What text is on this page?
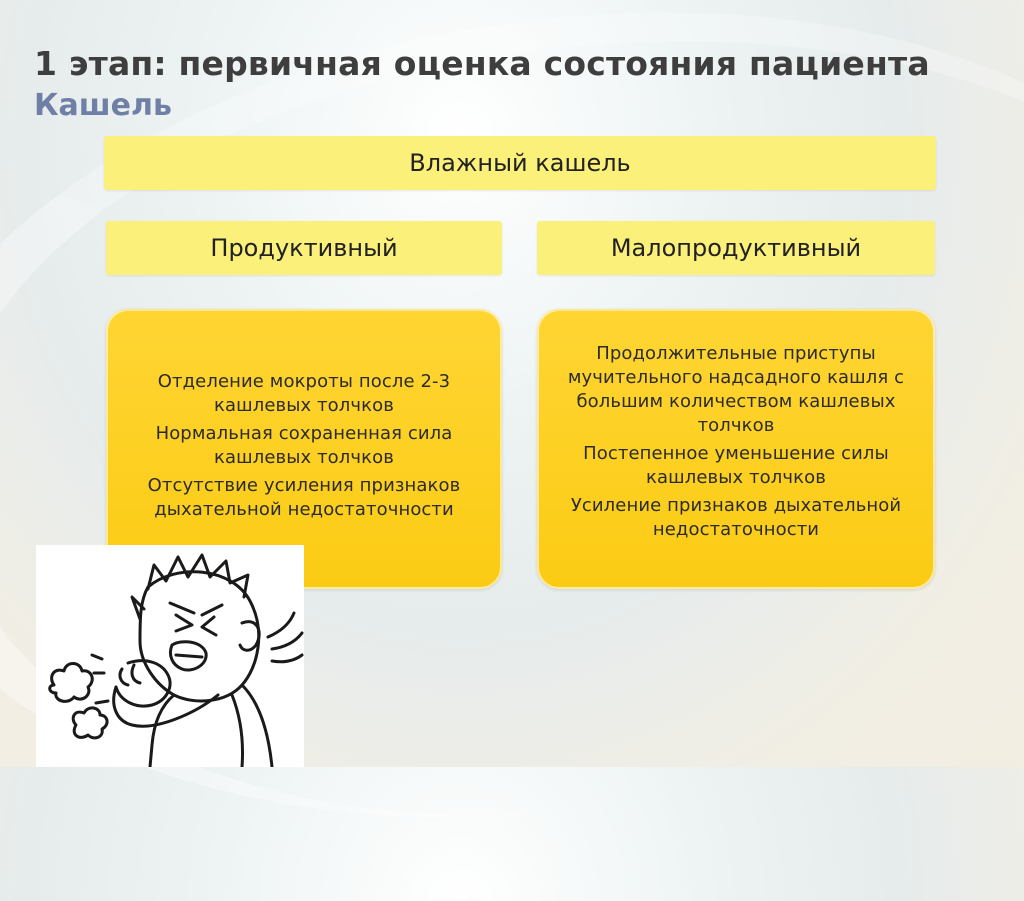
1 этап: первичная оценка состояния пациента
Кашель
Влажный кашель
Продуктивный	Малопродуктивный

Отделение мокроты после 2-3 кашлевых толчков

Нормальная сохраненная сила кашлевых толчков

Отсутствие усиления признаков дыхательной недостаточности

Продолжительные приступы мучительного надсадного кашля с большим количеством кашлевых толчков

Постепенное уменьшение силы кашлевых толчков

Усиление признаков дыхательной недостаточности
